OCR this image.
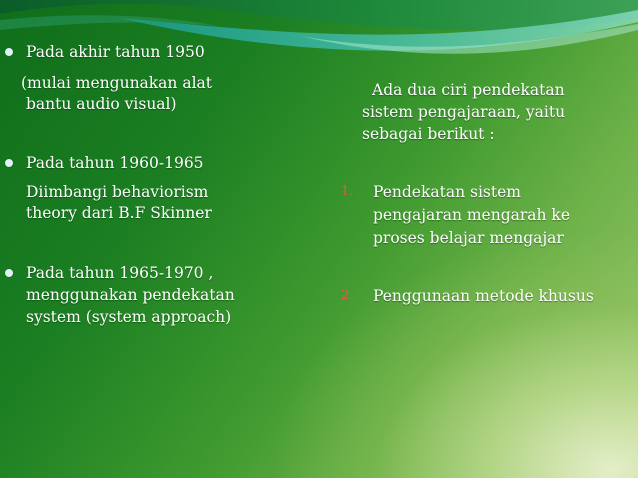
Pada akhir tahun 1950
(mulai mengunakan alat
bantu audio visual)
Pada tahun 1960-1965
Diimbangi behaviorism
theory dari B.F Skinner
Pada tahun 1965-1970 ,
menggunakan pendekatan
system (system approach)
Ada dua ciri pendekatan
sistem pengajaraan, yaitu
sebagai berikut :
1. Pendekatan sistem
pengajaran mengarah ke
proses belajar mengajar
2. Penggunaan metode khusus
